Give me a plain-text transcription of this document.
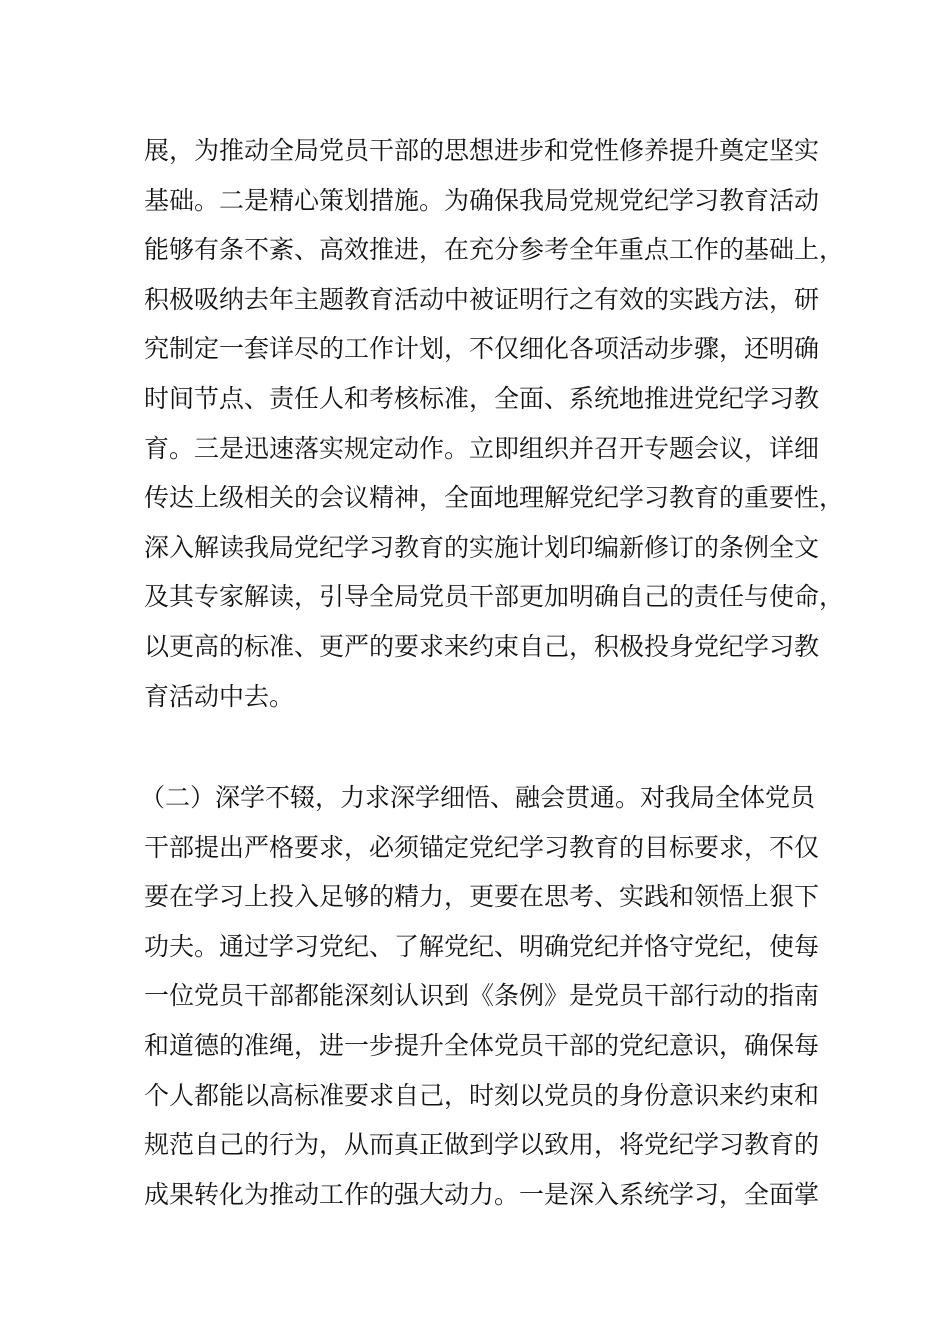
展，为推动全局党员干部的思想进步和党性修养提升奠定坚实
基础。二是精心策划措施。为确保我局党规党纪学习教育活动
能够有条不紊、高效推进，在充分参考全年重点工作的基础上，
积极吸纳去年主题教育活动中被证明行之有效的实践方法，研
究制定一套详尽的工作计划，不仅细化各项活动步骤，还明确
时间节点、责任人和考核标准，全面、系统地推进党纪学习教
育。三是迅速落实规定动作。立即组织并召开专题会议，详细
传达上级相关的会议精神，全面地理解党纪学习教育的重要性，
深入解读我局党纪学习教育的实施计划印编新修订的条例全文
及其专家解读，引导全局党员干部更加明确自己的责任与使命，
以更高的标准、更严的要求来约束自己，积极投身党纪学习教
育活动中去。
（二）深学不辍，力求深学细悟、融会贯通。对我局全体党员
干部提出严格要求，必须锚定党纪学习教育的目标要求，不仅
要在学习上投入足够的精力，更要在思考、实践和领悟上狠下
功夫。通过学习党纪、了解党纪、明确党纪并恪守党纪，使每
一位党员干部都能深刻认识到《条例》是党员干部行动的指南
和道德的准绳，进一步提升全体党员干部的党纪意识，确保每
个人都能以高标准要求自己，时刻以党员的身份意识来约束和
规范自己的行为，从而真正做到学以致用，将党纪学习教育的
成果转化为推动工作的强大动力。一是深入系统学习，全面掌
